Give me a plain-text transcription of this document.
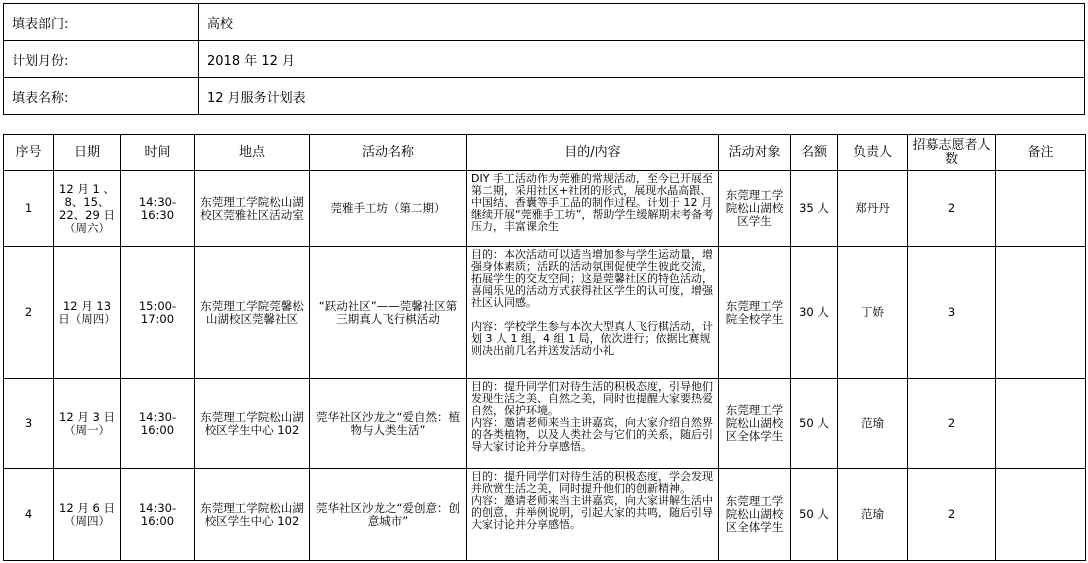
填表部门:	高校
计划月份:	2018 年 12 月
填表名称:	12 月服务计划表
序号	日期	时间	地点	活动名称	目的/内容	活动对象	名额	负责人	招募志愿者人数	备注
1	12 月 1 、8、15、22、29 日（周六）	14:30-16:30	东莞理工学院松山湖校区莞雅社区活动室	莞雅手工坊（第二期）	DIY 手工活动作为莞雅的常规活动，至今已开展至第二期，采用社区+社团的形式，展现水晶高跟、中国结、香囊等手工品的制作过程。计划于 12 月继续开展“莞雅手工坊”，帮助学生缓解期末考备考压力，丰富课余生	东莞理工学院松山湖校区学生	35 人	郑丹丹	2	
2	12 月 13 日（周四）	15:00-17:00	东莞理工学院莞馨松山湖校区莞馨社区	“跃动社区”——莞馨社区第三期真人飞行棋活动	目的：本次活动可以适当增加参与学生运动量，增强身体素质；活跃的活动氛围促使学生彼此交流，拓展学生的交友空间；这是莞馨社区的特色活动，喜闻乐见的活动方式获得社区学生的认可度，增强社区认同感。

内容：学校学生参与本次大型真人飞行棋活动，计划 3 人 1 组，4 组 1 局，依次进行；依据比赛规则决出前几名并送发活动小礼	东莞理工学院全校学生	30 人	丁娇	3	
3	12 月 3 日（周一）	14:30-16:00	东莞理工学院松山湖校区学生中心 102	莞华社区沙龙之“爱自然：植物与人类生活”	目的：提升同学们对待生活的积极态度，引导他们发现生活之美、自然之美，同时也提醒大家要热爱自然，保护环境。
内容：邀请老师来当主讲嘉宾，向大家介绍自然界的各类植物，以及人类社会与它们的关系，随后引导大家讨论并分享感悟。	东莞理工学院松山湖校区全体学生	50 人	范瑜	2	
4	12 月 6 日（周四）	14:30-16:00	东莞理工学院松山湖校区学生中心 102	莞华社区沙龙之“爱创意：创意城市”	目的：提升同学们对待生活的积极态度，学会发现并欣赏生活之美，同时提升他们的创新精神。
内容：邀请老师来当主讲嘉宾，向大家讲解生活中的创意，并举例说明，引起大家的共鸣，随后引导大家讨论并分享感悟。	东莞理工学院松山湖校区全体学生	50 人	范瑜	2	
